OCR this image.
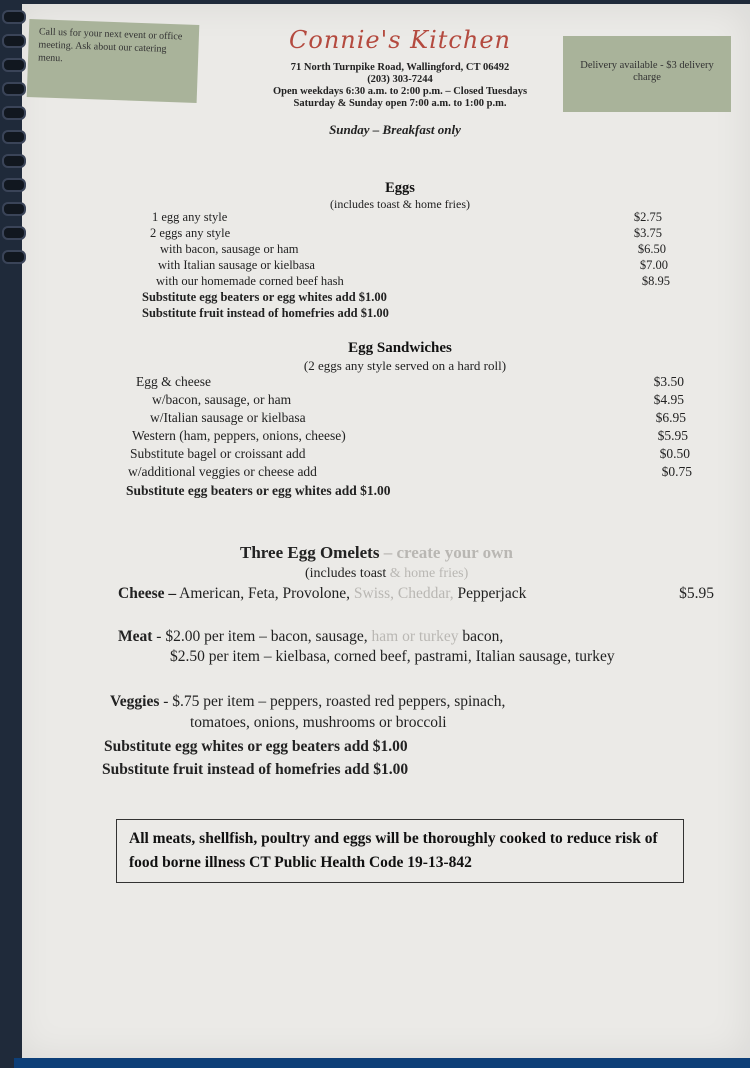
Call us for your next event or office meeting. Ask about our catering menu.
Delivery available - $3 delivery charge
Connie's Kitchen
71 North Turnpike Road, Wallingford, CT 06492
(203) 303-7244
Open weekdays 6:30 a.m. to 2:00 p.m. – Closed Tuesdays
Saturday & Sunday open 7:00 a.m. to 1:00 p.m.
Sunday – Breakfast only
Eggs
(includes toast & home fries)
1 egg any style	$2.75
2 eggs any style	$3.75
with bacon, sausage or ham	$6.50
with Italian sausage or kielbasa	$7.00
with our homemade corned beef hash	$8.95
Substitute egg beaters or egg whites add $1.00
Substitute fruit instead of homefries add $1.00
Egg Sandwiches
(2 eggs any style served on a hard roll)
Egg & cheese	$3.50
w/bacon, sausage, or ham	$4.95
w/Italian sausage or kielbasa	$6.95
Western (ham, peppers, onions, cheese)	$5.95
Substitute bagel or croissant add	$0.50
w/additional veggies or cheese add	$0.75
Substitute egg beaters or egg whites add $1.00
Three Egg Omelets – create your own
(includes toast & home fries)
Cheese – American, Feta, Provolone, Swiss, Cheddar, Pepperjack	$5.95
Meat - $2.00 per item – bacon, sausage, ham or turkey bacon,
$2.50 per item – kielbasa, corned beef, pastrami, Italian sausage, turkey
Veggies - $.75 per item – peppers, roasted red peppers, spinach,
tomatoes, onions, mushrooms or broccoli
Substitute egg whites or egg beaters add $1.00
Substitute fruit instead of homefries add $1.00
All meats, shellfish, poultry and eggs will be thoroughly cooked to reduce risk of food borne illness CT Public Health Code 19-13-842
